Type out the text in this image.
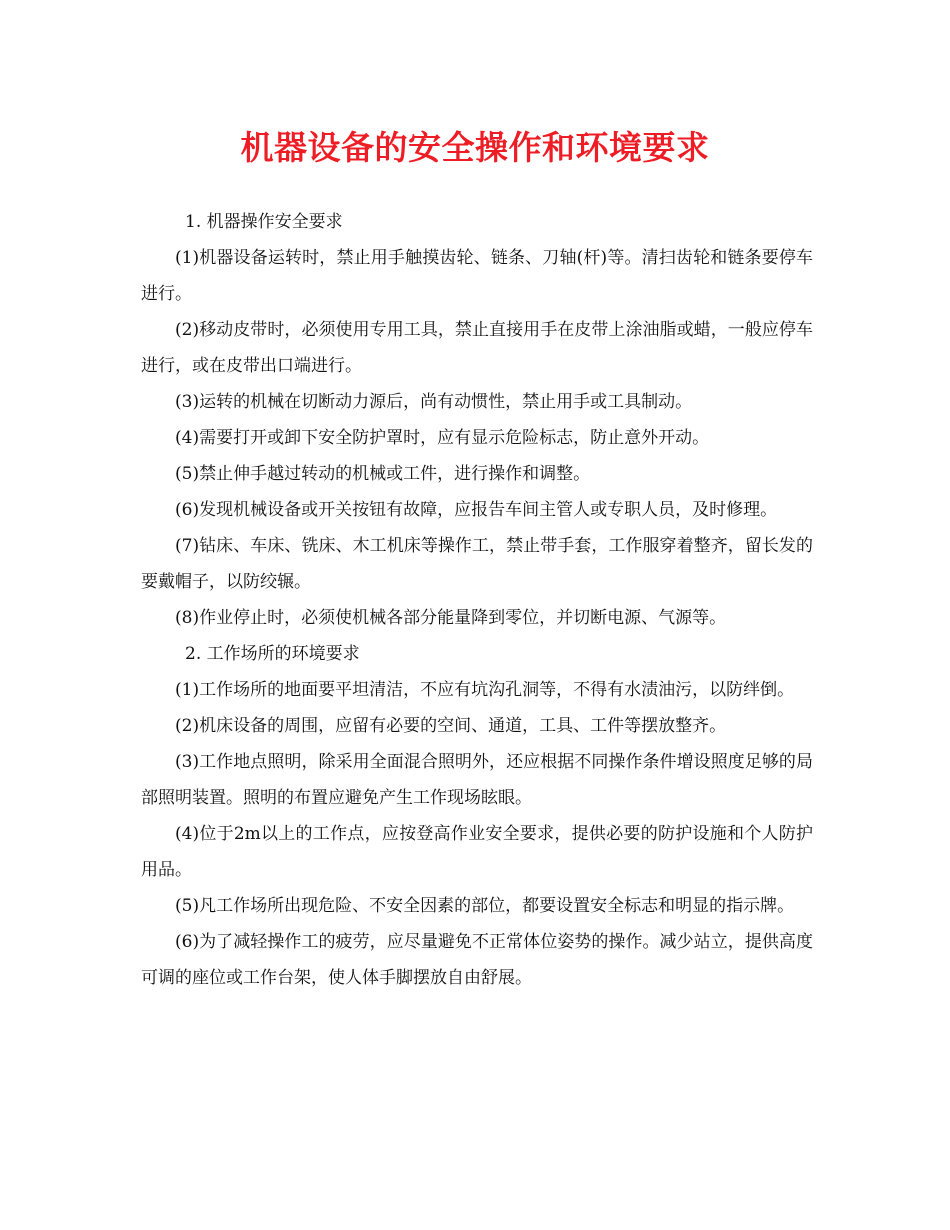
机器设备的安全操作和环境要求

1. 机器操作安全要求

(1)机器设备运转时，禁止用手触摸齿轮、链条、刀轴(杆)等。清扫齿轮和链条要停车进行。

(2)移动皮带时，必须使用专用工具，禁止直接用手在皮带上涂油脂或蜡，一般应停车进行，或在皮带出口端进行。

(3)运转的机械在切断动力源后，尚有动惯性，禁止用手或工具制动。

(4)需要打开或卸下安全防护罩时，应有显示危险标志，防止意外开动。

(5)禁止伸手越过转动的机械或工件，进行操作和调整。

(6)发现机械设备或开关按钮有故障，应报告车间主管人或专职人员，及时修理。

(7)钻床、车床、铣床、木工机床等操作工，禁止带手套，工作服穿着整齐，留长发的要戴帽子，以防绞辗。

(8)作业停止时，必须使机械各部分能量降到零位，并切断电源、气源等。

2. 工作场所的环境要求

(1)工作场所的地面要平坦清洁，不应有坑沟孔洞等，不得有水渍油污，以防绊倒。

(2)机床设备的周围，应留有必要的空间、通道，工具、工件等摆放整齐。

(3)工作地点照明，除采用全面混合照明外，还应根据不同操作条件增设照度足够的局部照明装置。照明的布置应避免产生工作现场眩眼。

(4)位于2m以上的工作点，应按登高作业安全要求，提供必要的防护设施和个人防护用品。

(5)凡工作场所出现危险、不安全因素的部位，都要设置安全标志和明显的指示牌。

(6)为了减轻操作工的疲劳，应尽量避免不正常体位姿势的操作。减少站立，提供高度可调的座位或工作台架，使人体手脚摆放自由舒展。
